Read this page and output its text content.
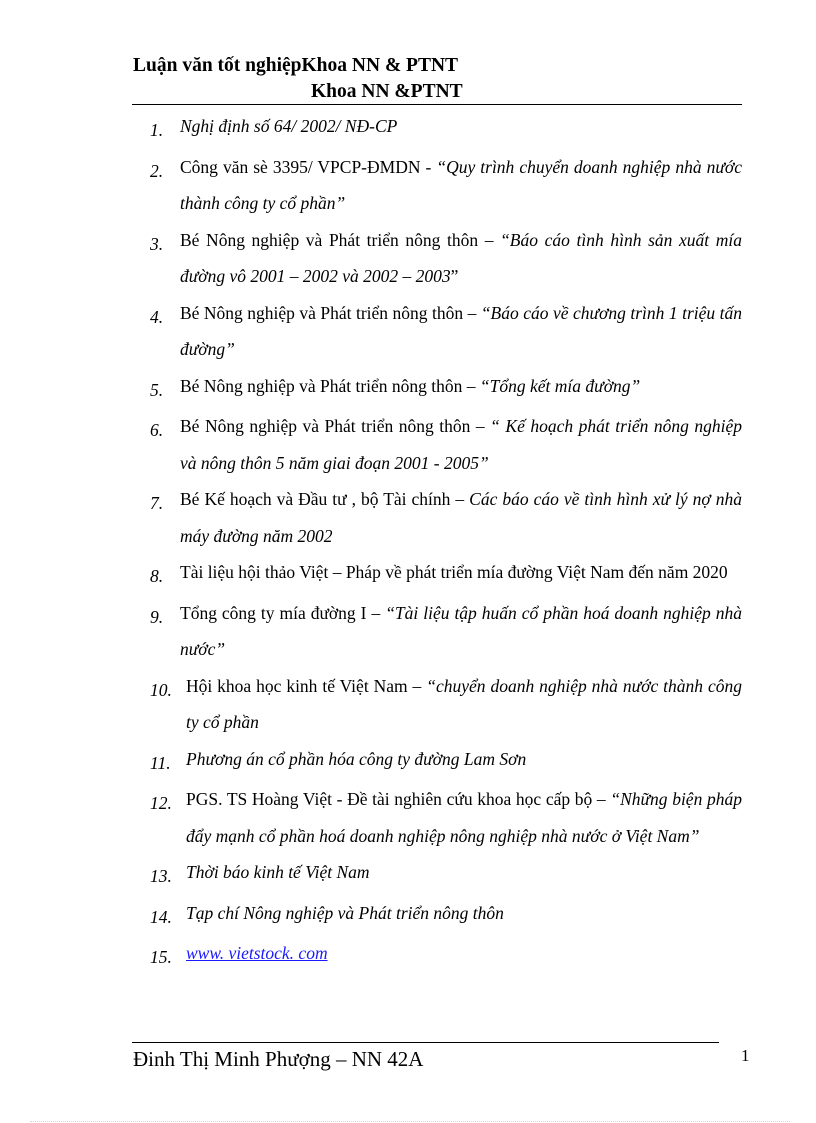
Luận văn tốt nghiệpKhoa NN & PTNT
Khoa NN &PTNT
1. Nghị định số 64/ 2002/ NĐ-CP
2. Công văn sè 3395/ VPCP-ĐMDN - “Quy trình chuyển doanh nghiệp nhà nước thành công ty cổ phần”
3. Bé Nông nghiệp và Phát triển nông thôn – “Báo cáo tình hình sản xuất mía đường vô 2001 – 2002 và 2002 – 2003”
4. Bé Nông nghiệp và Phát triển nông thôn – “Báo cáo về chương trình 1 triệu tấn đường”
5. Bé Nông nghiệp và Phát triển nông thôn – “Tổng kết mía đường”
6. Bé Nông nghiệp và Phát triển nông thôn – “ Kế hoạch phát triển nông nghiệp và nông thôn 5 năm giai đoạn 2001 - 2005”
7. Bé Kế hoạch và Đầu tư , bộ Tài chính – Các báo cáo về tình hình xử lý nợ nhà máy đường năm 2002
8. Tài liệu hội thảo Việt – Pháp về phát triển mía đường Việt Nam đến năm 2020
9. Tổng công ty mía đường I – “Tài liệu tập huấn cổ phần hoá doanh nghiệp nhà nước”
10. Hội khoa học kinh tế Việt Nam – “chuyển doanh nghiệp nhà nước thành công ty cổ phần
11. Phương án cổ phần hóa công ty đường Lam Sơn
12. PGS. TS Hoàng Việt - Đề tài nghiên cứu khoa học cấp bộ – “Những biện pháp đẩy mạnh cổ phần hoá doanh nghiệp nông nghiệp nhà nước ở Việt Nam”
13. Thời báo kinh tế Việt Nam
14. Tạp chí Nông nghiệp và Phát triển nông thôn
15. www. vietstock. com
Đinh Thị Minh Phượng – NN 42A	1
